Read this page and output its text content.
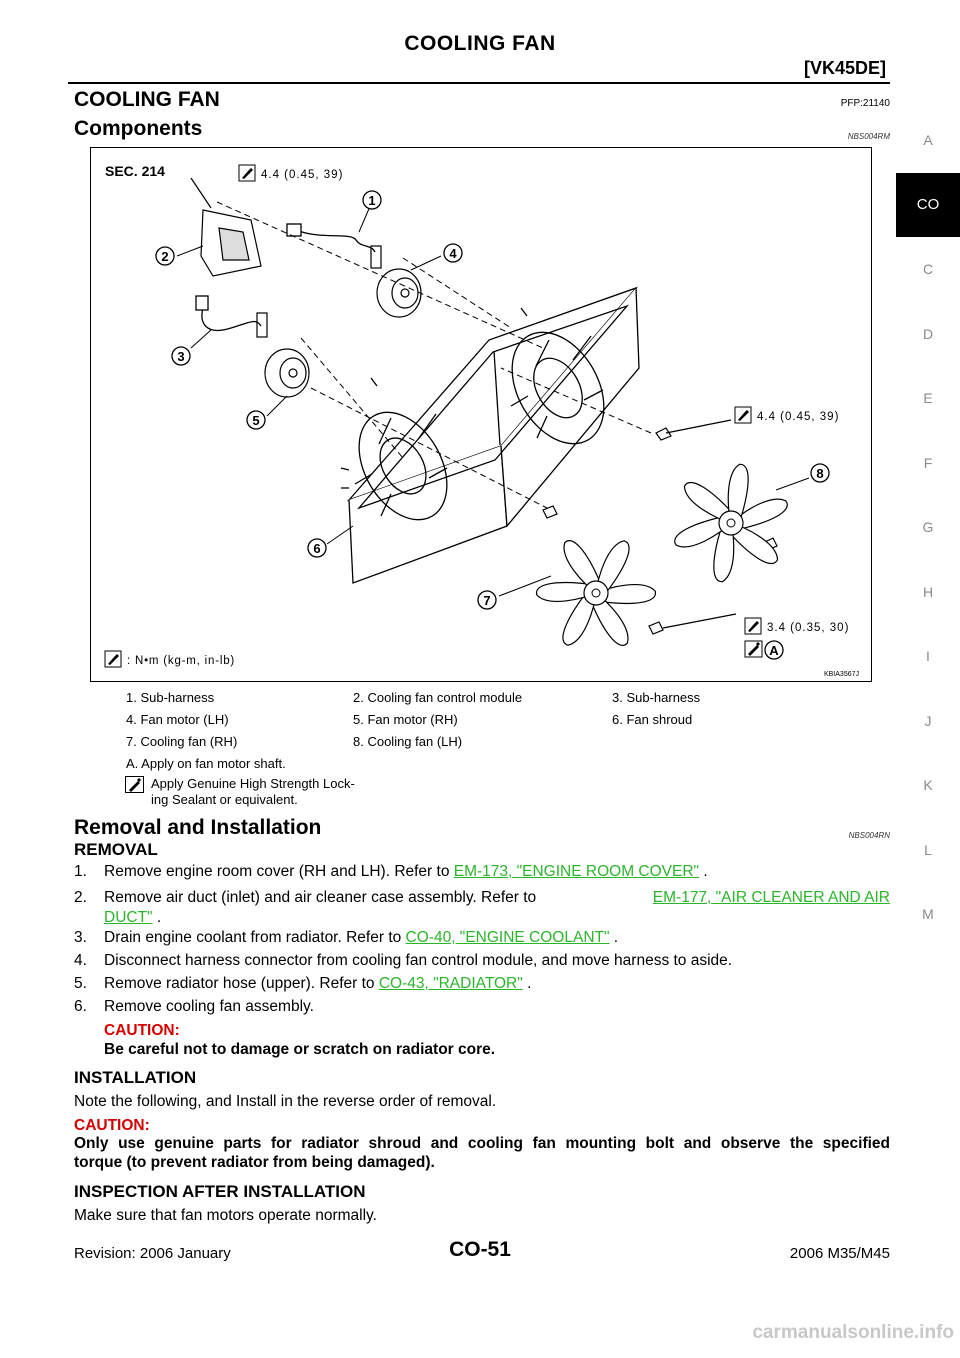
COOLING FAN
[VK45DE]
A
CO
C
D
E
F
G
H
I
J
K
L
M
COOLING FAN	PFP:21140
Components	NBS004RM
SEC. 214	4.4 (0.45, 39)
1
2
3
4
5
6
7
8
4.4 (0.45, 39)
3.4 (0.35, 30)
A
: N•m (kg-m, in-lb)
KBIA3567J
1. Sub-harness	2. Cooling fan control module	3. Sub-harness
4. Fan motor (LH)	5. Fan motor (RH)	6. Fan shroud
7. Cooling fan (RH)	8. Cooling fan (LH)
A. Apply on fan motor shaft.
Apply Genuine High Strength Lock-
ing Sealant or equivalent.
Removal and Installation	NBS004RN
REMOVAL
1. Remove engine room cover (RH and LH). Refer to EM-173, "ENGINE ROOM COVER" .
2. Remove air duct (inlet) and air cleaner case assembly. Refer to	EM-177, "AIR CLEANER AND AIR
DUCT" .
3. Drain engine coolant from radiator. Refer to CO-40, "ENGINE COOLANT" .
4. Disconnect harness connector from cooling fan control module, and move harness to aside.
5. Remove radiator hose (upper). Refer to CO-43, "RADIATOR" .
6. Remove cooling fan assembly.
CAUTION:
Be careful not to damage or scratch on radiator core.
INSTALLATION
Note the following, and Install in the reverse order of removal.
CAUTION:
Only use genuine parts for radiator shroud and cooling fan mounting bolt and observe the specified
torque (to prevent radiator from being damaged).
INSPECTION AFTER INSTALLATION
Make sure that fan motors operate normally.
Revision: 2006 January	CO-51	2006 M35/M45
carmanualsonline.info
